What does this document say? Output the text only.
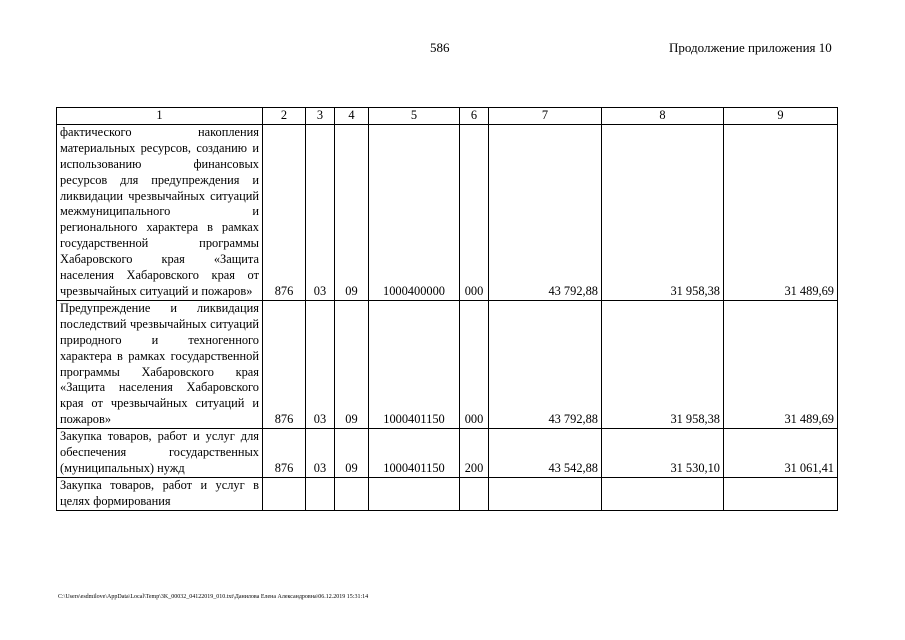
586	Продолжение приложения 10
1	2	3	4	5	6	7	8	9
фактического накопления материальных ресурсов, созданию и использованию финансовых ресурсов для предупреждения и ликвидации чрезвычайных ситуаций межмуниципального и регионального характера в рамках государственной программы Хабаровского края «Защита населения Хабаровского края от чрезвычайных ситуаций и пожаров»	876	03	09	1000400000	000	43 792,88	31 958,38	31 489,69
Предупреждение и ликвидация последствий чрезвычайных ситуаций природного и техногенного характера в рамках государственной программы Хабаровского края «Защита населения Хабаровского края от чрезвычайных ситуаций и пожаров»	876	03	09	1000401150	000	43 792,88	31 958,38	31 489,69
Закупка товаров, работ и услуг для обеспечения государственных (муниципальных) нужд	876	03	09	1000401150	200	43 542,88	31 530,10	31 061,41
Закупка товаров, работ и услуг в целях формирования								
C:\Users\esdmilove\AppData\Local\Temp\3K_00032_04122019_010.txt\Данилова Елена Александровна\06.12.2019 15:31:14
